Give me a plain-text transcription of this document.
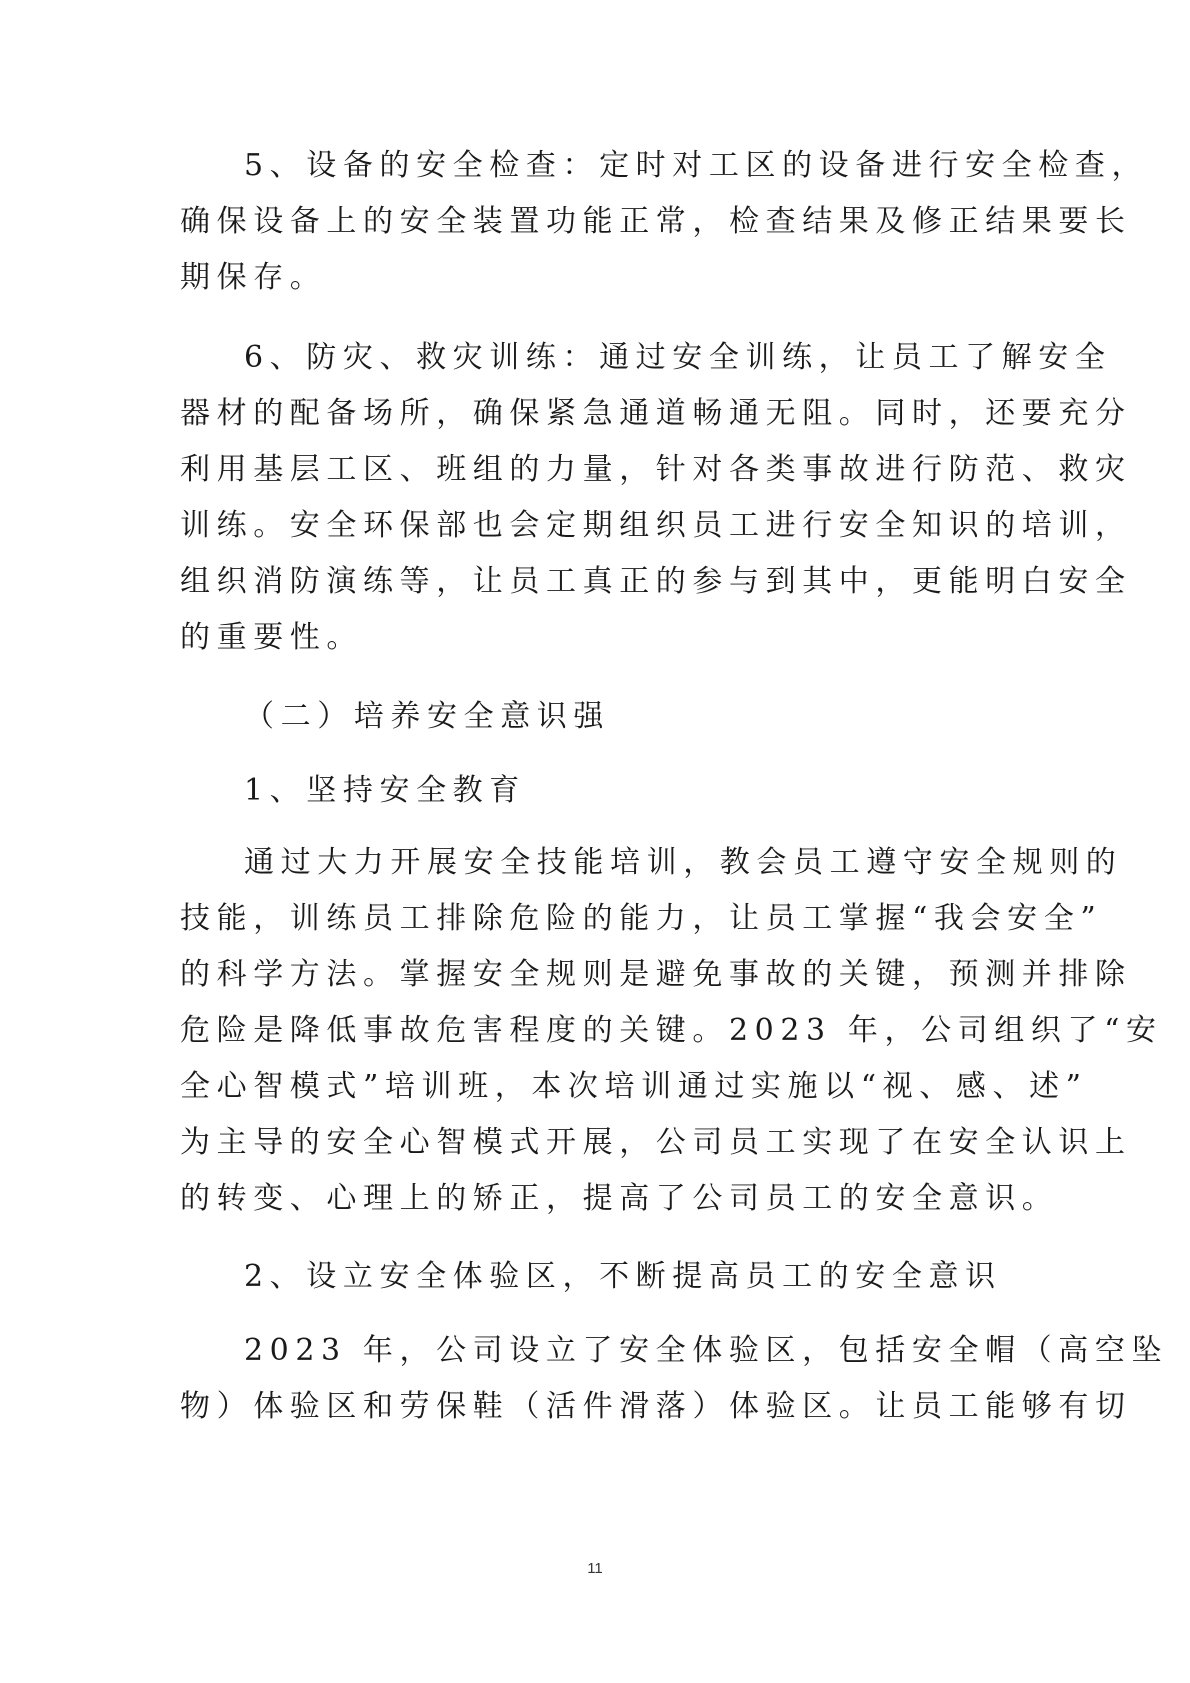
5、设备的安全检查：定时对工区的设备进行安全检查，
确保设备上的安全装置功能正常，检查结果及修正结果要长
期保存。
6、防灾、救灾训练：通过安全训练，让员工了解安全
器材的配备场所，确保紧急通道畅通无阻。同时，还要充分
利用基层工区、班组的力量，针对各类事故进行防范、救灾
训练。安全环保部也会定期组织员工进行安全知识的培训，
组织消防演练等，让员工真正的参与到其中，更能明白安全
的重要性。
（二）培养安全意识强
1、坚持安全教育
通过大力开展安全技能培训，教会员工遵守安全规则的
技能，训练员工排除危险的能力，让员工掌握“我会安全”
的科学方法。掌握安全规则是避免事故的关键，预测并排除
危险是降低事故危害程度的关键。2023 年，公司组织了“安
全心智模式”培训班，本次培训通过实施以“视、感、述”
为主导的安全心智模式开展，公司员工实现了在安全认识上
的转变、心理上的矫正，提高了公司员工的安全意识。
2、设立安全体验区，不断提高员工的安全意识
2023 年，公司设立了安全体验区，包括安全帽（高空坠
物）体验区和劳保鞋（活件滑落）体验区。让员工能够有切
11
